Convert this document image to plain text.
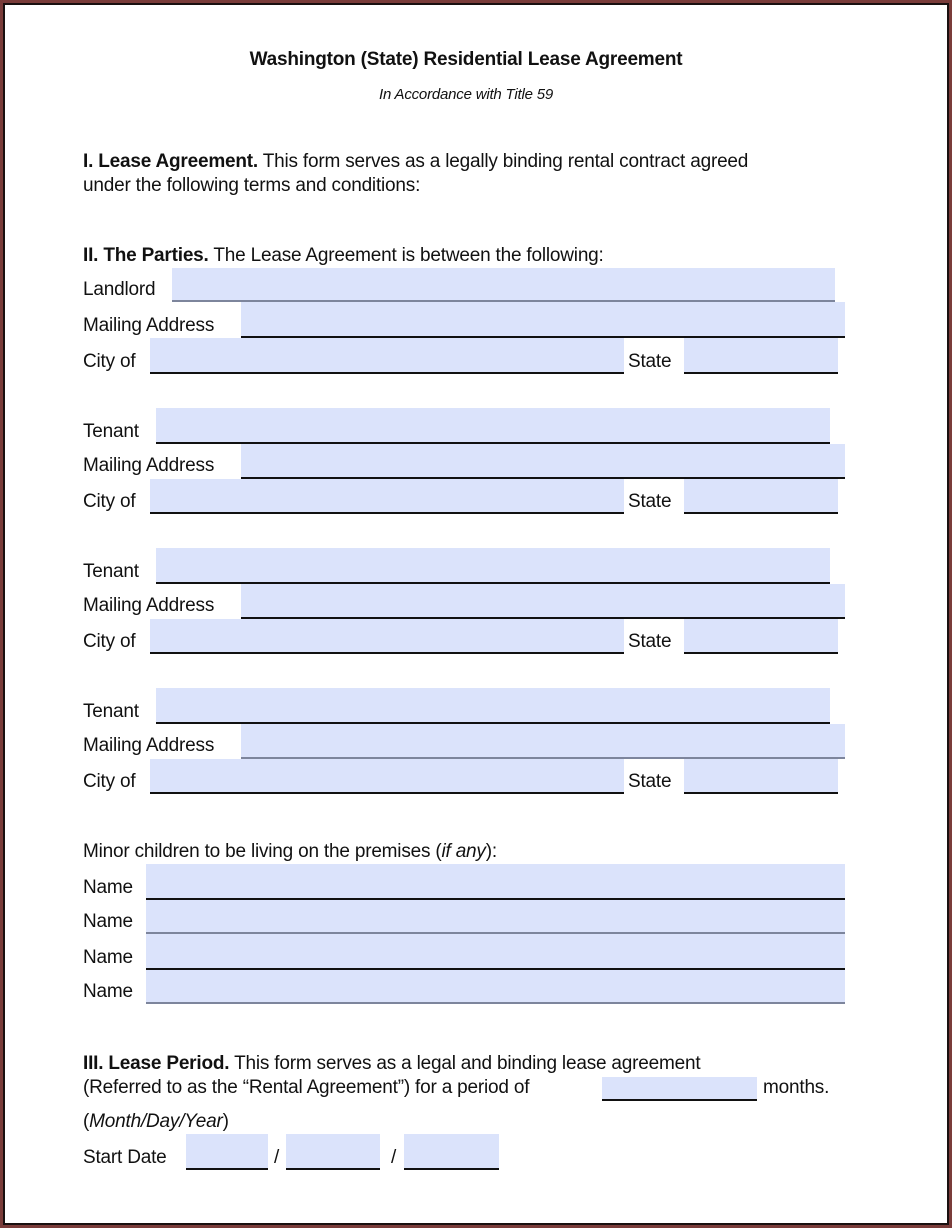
Washington (State) Residential Lease Agreement
In Accordance with Title 59
I. Lease Agreement. This form serves as a legally binding rental contract agreed
under the following terms and conditions:
II. The Parties. The Lease Agreement is between the following:
Landlord
Mailing Address
City of	State
Tenant
Mailing Address
City of	State
Tenant
Mailing Address
City of	State
Tenant
Mailing Address
City of	State
Minor children to be living on the premises (if any):
Name
Name
Name
Name
III. Lease Period. This form serves as a legal and binding lease agreement
(Referred to as the “Rental Agreement”) for a period of	months.
(Month/Day/Year)
Start Date	/	/
